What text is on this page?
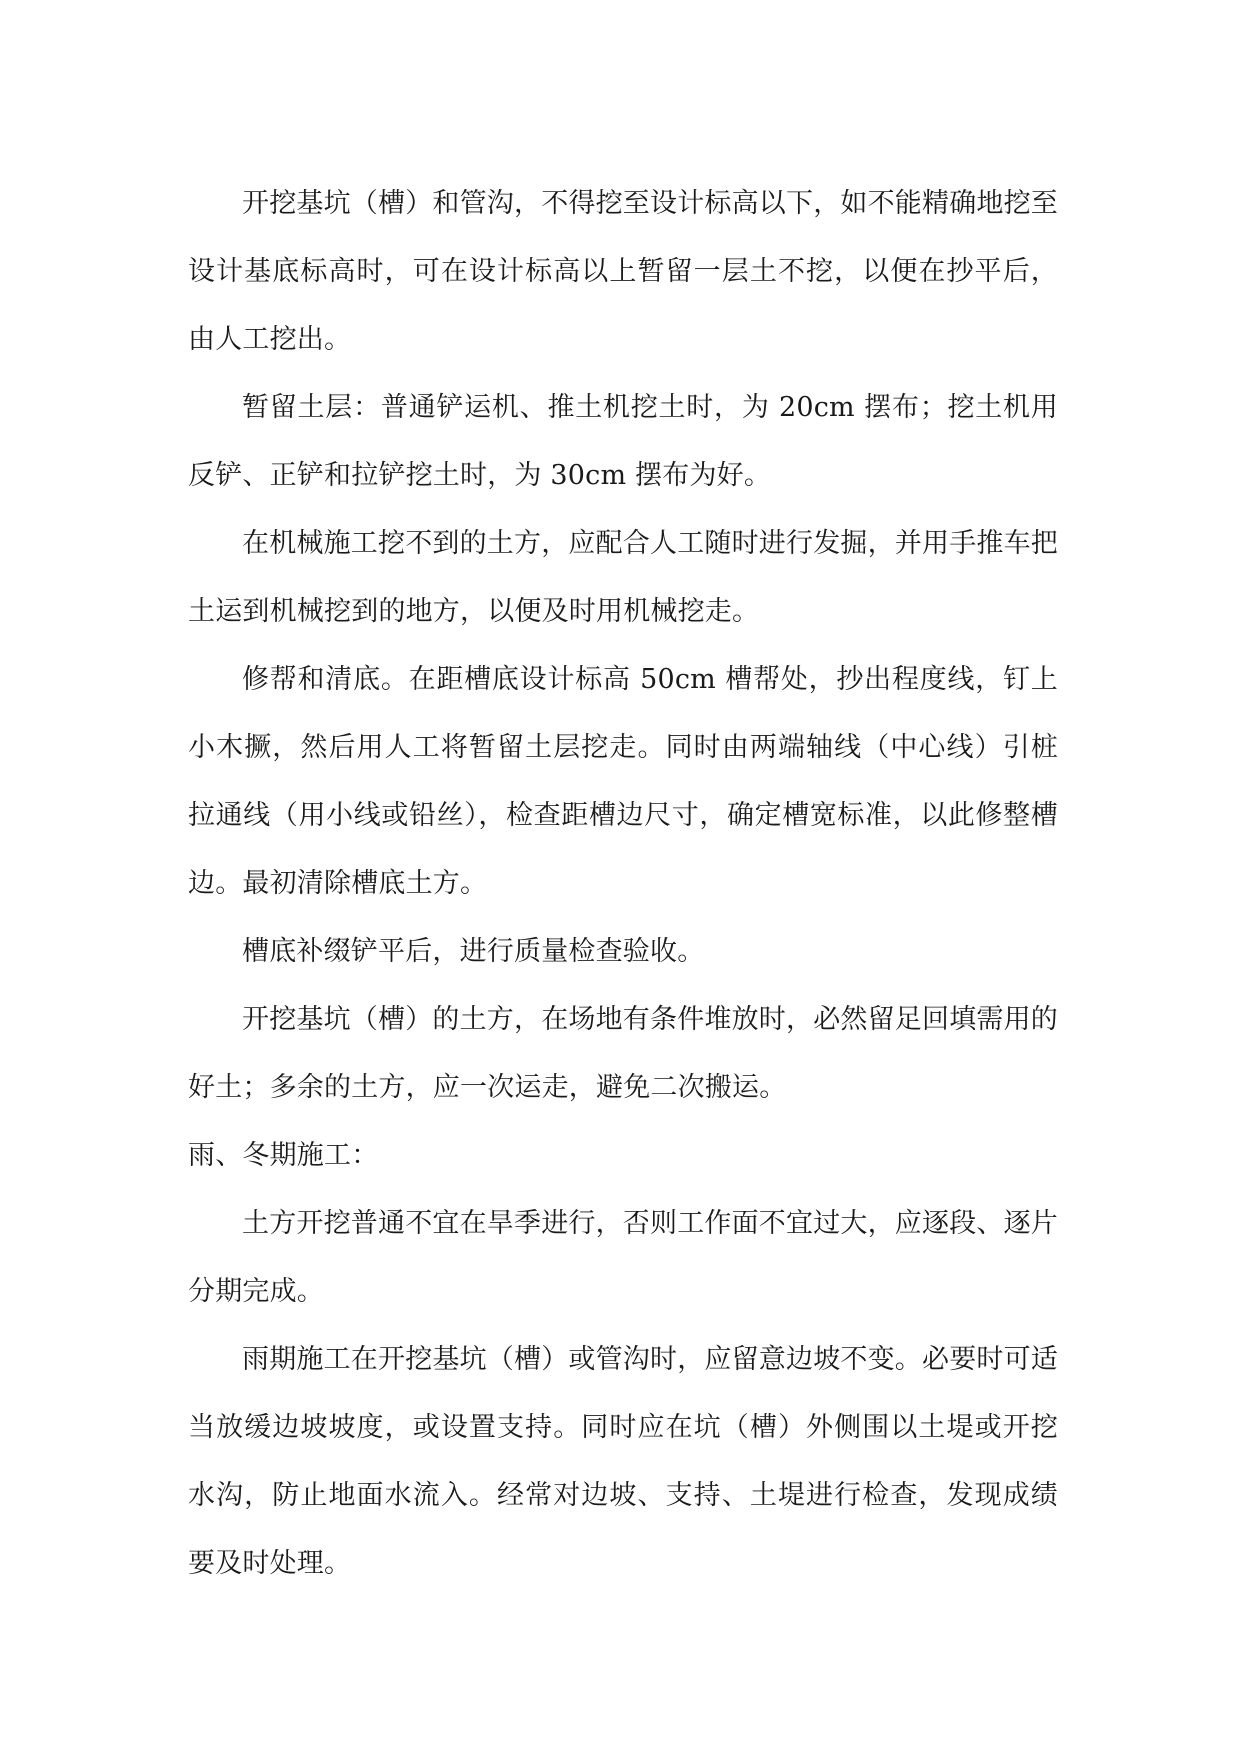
开挖基坑（槽）和管沟，不得挖至设计标高以下，如不能精确地挖至设计基底标高时，可在设计标高以上暂留一层土不挖，以便在抄平后，由人工挖出。

暂留土层：普通铲运机、推土机挖土时，为 20cm 摆布；挖土机用反铲、正铲和拉铲挖土时，为 30cm 摆布为好。

在机械施工挖不到的土方，应配合人工随时进行发掘，并用手推车把土运到机械挖到的地方，以便及时用机械挖走。

修帮和清底。在距槽底设计标高 50cm 槽帮处，抄出程度线，钉上小木撅，然后用人工将暂留土层挖走。同时由两端轴线（中心线）引桩拉通线（用小线或铅丝），检查距槽边尺寸，确定槽宽标准，以此修整槽边。最初清除槽底土方。

槽底补缀铲平后，进行质量检查验收。

开挖基坑（槽）的土方，在场地有条件堆放时，必然留足回填需用的好土；多余的土方，应一次运走，避免二次搬运。

雨、冬期施工：

土方开挖普通不宜在旱季进行，否则工作面不宜过大，应逐段、逐片分期完成。

雨期施工在开挖基坑（槽）或管沟时，应留意边坡不变。必要时可适当放缓边坡坡度，或设置支持。同时应在坑（槽）外侧围以土堤或开挖水沟，防止地面水流入。经常对边坡、支持、土堤进行检查，发现成绩要及时处理。
